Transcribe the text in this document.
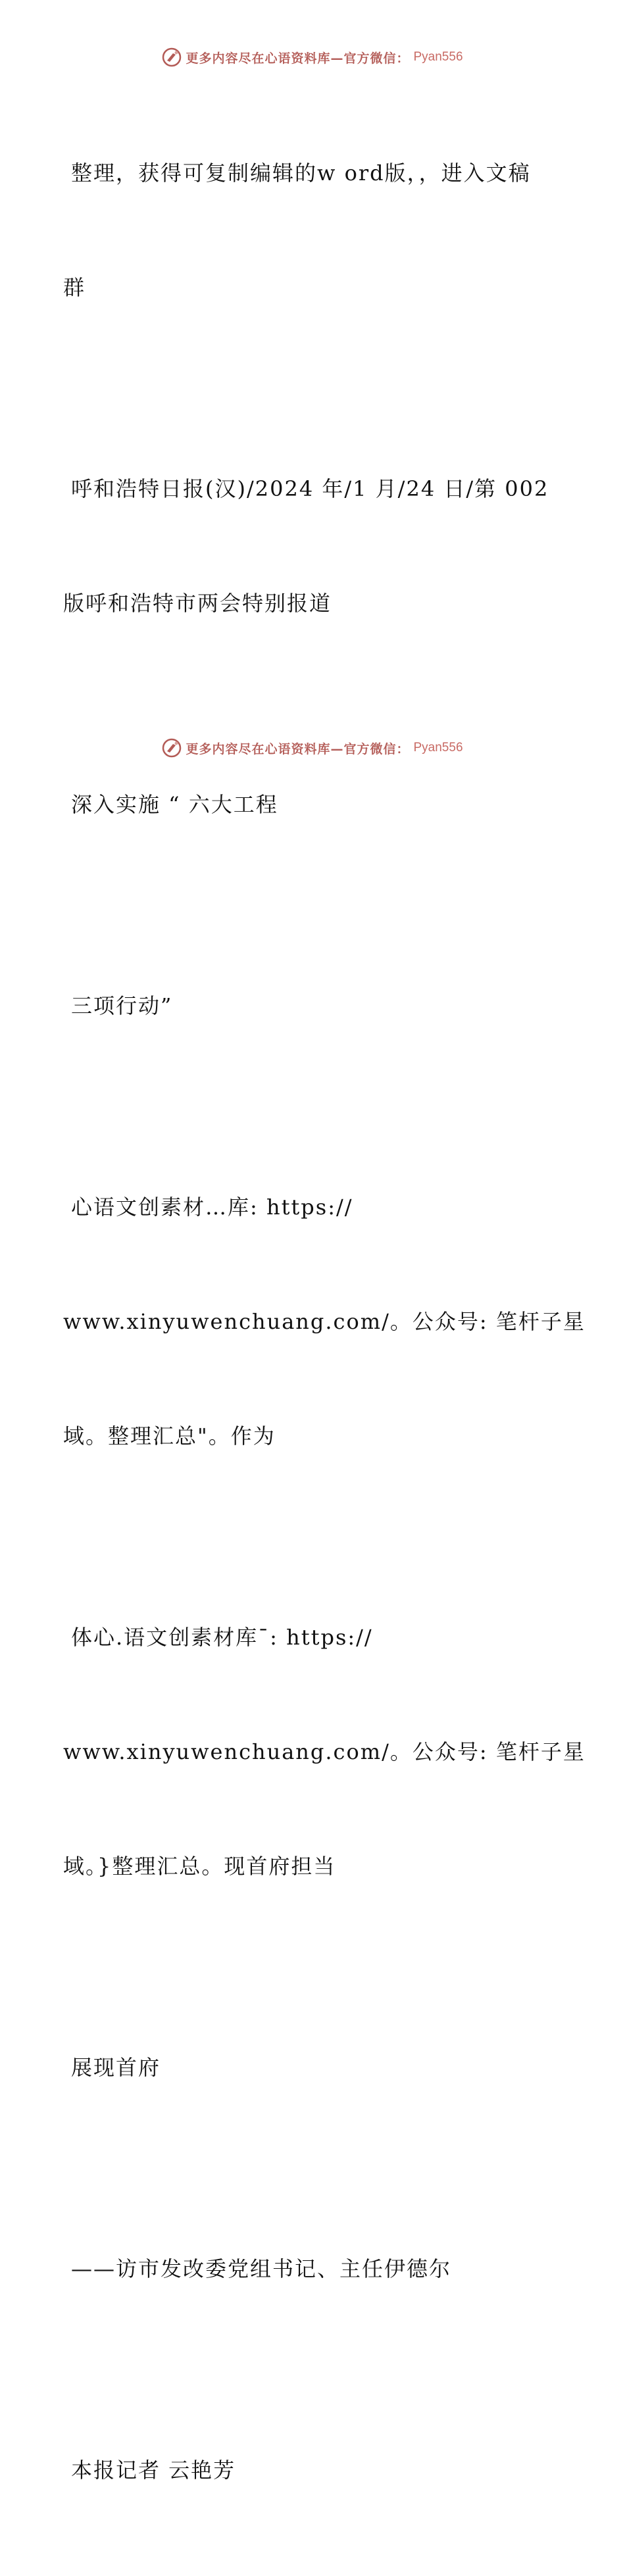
更多内容尽在心语资料库—官方微信： Pyan556

整理，获得可复制编辑的w ord版，，进入文稿

群

呼和浩特日报(汉)/2024 年/1 月/24 日/第 002

版呼和浩特市两会特别报道

深入实施 “ 六大工程

三项行动”

心语文创素材…库: https://

www.xinyuwenchuang.com/。公众号: 笔杆子星

域。整理汇总"。作为

体心.语文创素材库¯: https://

www.xinyuwenchuang.com/。公众号: 笔杆子星

域。}整理汇总。现首府担当

展现首府

——访市发改委党组书记、主任伊德尔

本报记者 云艳芳

更多内容尽在心语资料库—官方微信： Pyan556
